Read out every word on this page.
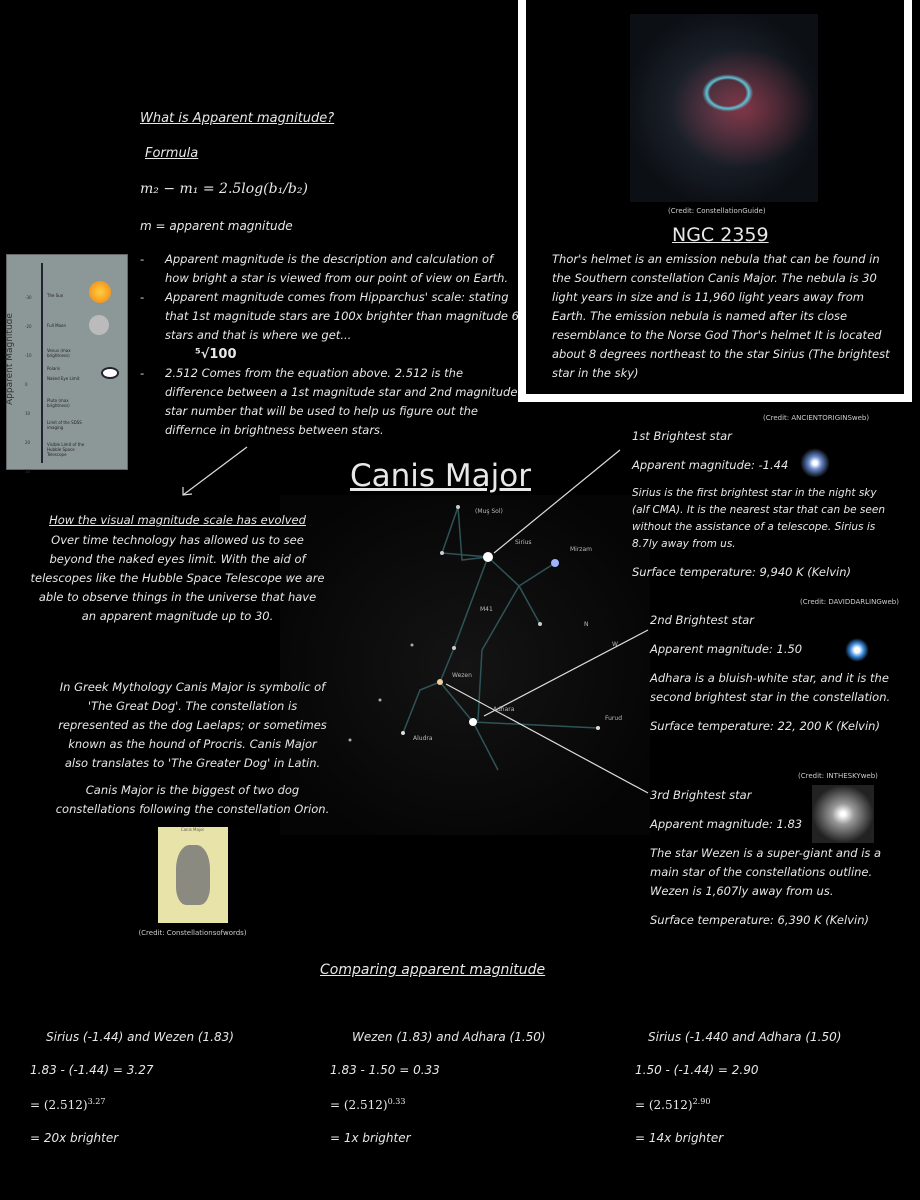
(Credit: ConstellationGuide)
NGC 2359
Thor's helmet is an emission nebula that can be found in the Southern constellation Canis Major. The nebula is 30 light years in size and is 11,960 light years away from Earth. The emission nebula is named after its close resemblance to the Norse God Thor's helmet It is located about 8 degrees northeast to the star Sirius (The brightest star in the sky)
What is Apparent magnitude?
Formula
m₂ − m₁ = 2.5log(b₁/b₂)
m = apparent magnitude
-	Apparent magnitude is the description and calculation of how bright a star is viewed from our point of view on Earth.
-	Apparent magnitude comes from Hipparchus' scale: stating that 1st magnitude stars are 100x brighter than magnitude 6 stars and that is where we get...
⁵√100
-	2.512 Comes from the equation above. 2.512 is the difference between a 1st magnitude star and 2nd magnitude star number that will be used to help us figure out the differnce in brightness between stars.
Apparent Magnitude
-30
-20
-10
0
10
20
30
The Sun
Full Moon
Venus (max brightness)
Polaris
Naked Eye Limit
Pluto (max brightness)
Limit of the SDSS imaging
Visible Limit of the Hubble Space Telescope
Canis Major
(Muş Sol)
Sirius
Mirzam
M41
Wezen
Adhara
Aludra
Furud
N
W
How the visual magnitude scale has evolved
Over time technology has allowed us to see beyond the naked eyes limit. With the aid of telescopes like the Hubble Space Telescope we are able to observe things in the universe that have an apparent magnitude up to 30.
In Greek Mythology Canis Major is symbolic of 'The Great Dog'. The constellation is represented as the dog Laelaps; or sometimes known as the hound of Procris. Canis Major also translates to 'The Greater Dog' in Latin.
Canis Major is the biggest of two dog constellations following the constellation Orion.
Canis Major
(Credit: Constellationsofwords)
(Credit: ANCIENTORIGINSweb)
1st Brightest star
Apparent magnitude: -1.44
Sirius is the first brightest star in the night sky (alf CMA). It is the nearest star that can be seen without the assistance of a telescope. Sirius is 8.7ly away from us.
Surface temperature: 9,940 K (Kelvin)
(Credit: DAVIDDARLINGweb)
2nd Brightest star
Apparent magnitude: 1.50
Adhara is a bluish-white star, and it is the second brightest star in the constellation.
Surface temperature: 22, 200 K (Kelvin)
(Credit: INTHESKYweb)
3rd Brightest star
Apparent magnitude: 1.83
The star Wezen is a super-giant and is a main star of the constellations outline. Wezen is 1,607ly away from us.
Surface temperature: 6,390 K (Kelvin)
Comparing apparent magnitude
Sirius (-1.44) and Wezen (1.83)
1.83 - (-1.44) = 3.27
= $(2.512)^{3.27}$
= 20x brighter
Wezen (1.83) and Adhara (1.50)
1.83 - 1.50 = 0.33
= $(2.512)^{0.33}$
= 1x brighter
Sirius (-1.440 and Adhara (1.50)
1.50 - (-1.44) = 2.90
= $(2.512)^{2.90}$
= 14x brighter
